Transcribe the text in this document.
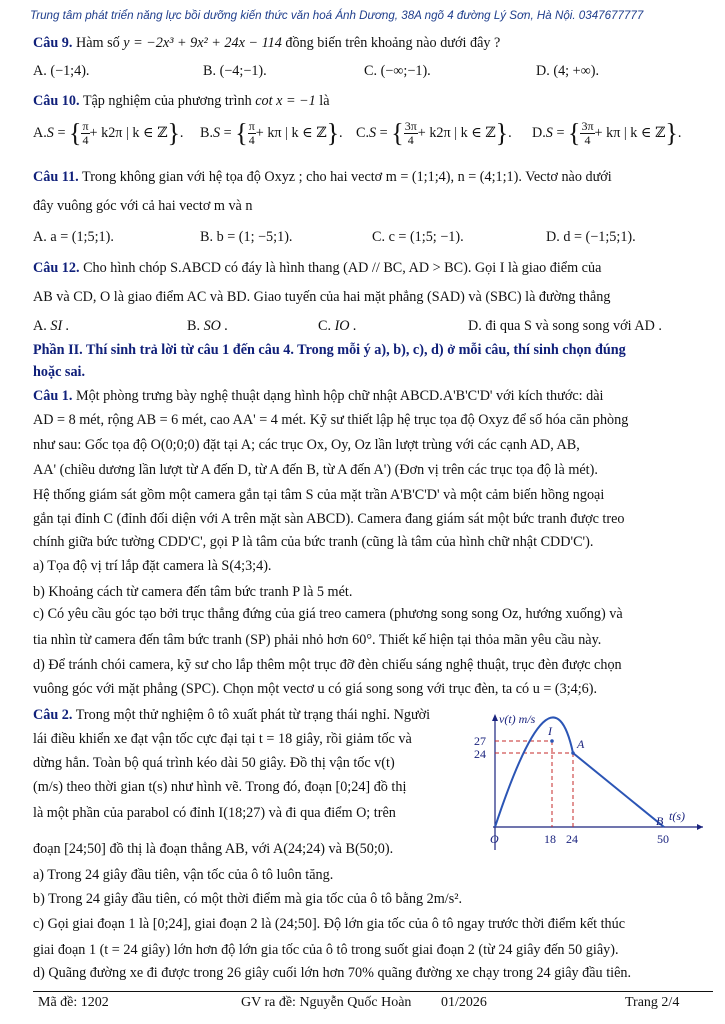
Trung tâm phát triển năng lực bồi dưỡng kiến thức văn hoá Ánh Dương, 38A ngõ 4 đường Lý Sơn, Hà Nội. 0347677777
Câu 9. Hàm số y = −2x³ + 9x² + 24x − 114 đồng biến trên khoảng nào dưới đây ?
A. (−1;4).	B. (−4;−1).	C. (−∞;−1).	D. (4; +∞).
Câu 10. Tập nghiệm của phương trình cot x = −1 là
A.S = { $\frac{\pi}{4} + k2\pi$ | k ∈ ℤ}. B.S = { $\frac{\pi}{4} + k\pi$ | k ∈ ℤ}. C.S = { $\frac{3\pi}{4} + k2\pi$ | k ∈ ℤ}. D.S = { $\frac{3\pi}{4} + k\pi$ | k ∈ ℤ}.
Câu 11. Trong không gian với hệ tọa độ Oxyz ; cho hai vectơ m = (1;1;4), n = (4;1;1). Vectơ nào dưới
đây vuông góc với cả hai vectơ m và n
A. a = (1;5;1).	B. b = (1; −5;1).	C. c = (1;5; −1).	D. d = (−1;5;1).
Câu 12. Cho hình chóp S.ABCD có đáy là hình thang (AD // BC, AD > BC). Gọi I là giao điểm của
AB và CD, O là giao điểm AC và BD. Giao tuyến của hai mặt phẳng (SAD) và (SBC) là đường thẳng
A. SI .	B. SO .	C. IO .	D. đi qua S và song song với AD .
Phần II. Thí sinh trả lời từ câu 1 đến câu 4. Trong mỗi ý a), b), c), d) ở mỗi câu, thí sinh chọn đúng
hoặc sai.
Câu 1. Một phòng trưng bày nghệ thuật dạng hình hộp chữ nhật ABCD.A'B'C'D' với kích thước: dài
AD = 8 mét, rộng AB = 6 mét, cao AA' = 4 mét. Kỹ sư thiết lập hệ trục tọa độ Oxyz để số hóa căn phòng
như sau: Gốc tọa độ O(0;0;0) đặt tại A; các trục Ox, Oy, Oz lần lượt trùng với các cạnh AD, AB,
AA' (chiều dương lần lượt từ A đến D, từ A đến B, từ A đến A') (Đơn vị trên các trục tọa độ là mét).
Hệ thống giám sát gồm một camera gắn tại tâm S của mặt trần A'B'C'D' và một cảm biến hồng ngoại
gắn tại đỉnh C (đỉnh đối diện với A trên mặt sàn ABCD). Camera đang giám sát một bức tranh được treo
chính giữa bức tường CDD'C', gọi P là tâm của bức tranh (cũng là tâm của hình chữ nhật CDD'C').
a) Tọa độ vị trí lắp đặt camera là S(4;3;4).
b) Khoảng cách từ camera đến tâm bức tranh P là 5 mét.
c) Có yêu cầu góc tạo bởi trục thẳng đứng của giá treo camera (phương song song Oz, hướng xuống) và
tia nhìn từ camera đến tâm bức tranh (SP) phải nhỏ hơn 60°. Thiết kế hiện tại thỏa mãn yêu cầu này.
d) Để tránh chói camera, kỹ sư cho lắp thêm một trục đỡ đèn chiếu sáng nghệ thuật, trục đèn được chọn
vuông góc với mặt phẳng (SPC). Chọn một vectơ u có giá song song với trục đèn, ta có u = (3;4;6).
Câu 2. Trong một thử nghiệm ô tô xuất phát từ trạng thái nghỉ. Người
lái điều khiển xe đạt vận tốc cực đại tại t = 18 giây, rồi giảm tốc và
dừng hẳn. Toàn bộ quá trình kéo dài 50 giây. Đồ thị vận tốc v(t)
(m/s) theo thời gian t(s) như hình vẽ. Trong đó, đoạn [0;24] đồ thị
là một phần của parabol có đỉnh I(18;27) và đi qua điểm O; trên
đoạn [24;50] đồ thị là đoạn thẳng AB, với A(24;24) và B(50;0).
a) Trong 24 giây đầu tiên, vận tốc của ô tô luôn tăng.
b) Trong 24 giây đầu tiên, có một thời điểm mà gia tốc của ô tô bằng 2m/s².
c) Gọi giai đoạn 1 là [0;24], giai đoạn 2 là (24;50]. Độ lớn gia tốc của ô tô ngay trước thời điểm kết thúc
giai đoạn 1 (t = 24 giây) lớn hơn độ lớn gia tốc của ô tô trong suốt giai đoạn 2 (từ 24 giây đến 50 giây).
d) Quãng đường xe đi được trong 26 giây cuối lớn hơn 70% quãng đường xe chạy trong 24 giây đầu tiên.
v(t) m/s
t(s)
O
I
A
B
27
24
18 24	50
Mã đề: 1202	GV ra đề: Nguyễn Quốc Hoàn 01/2026	Trang 2/4
